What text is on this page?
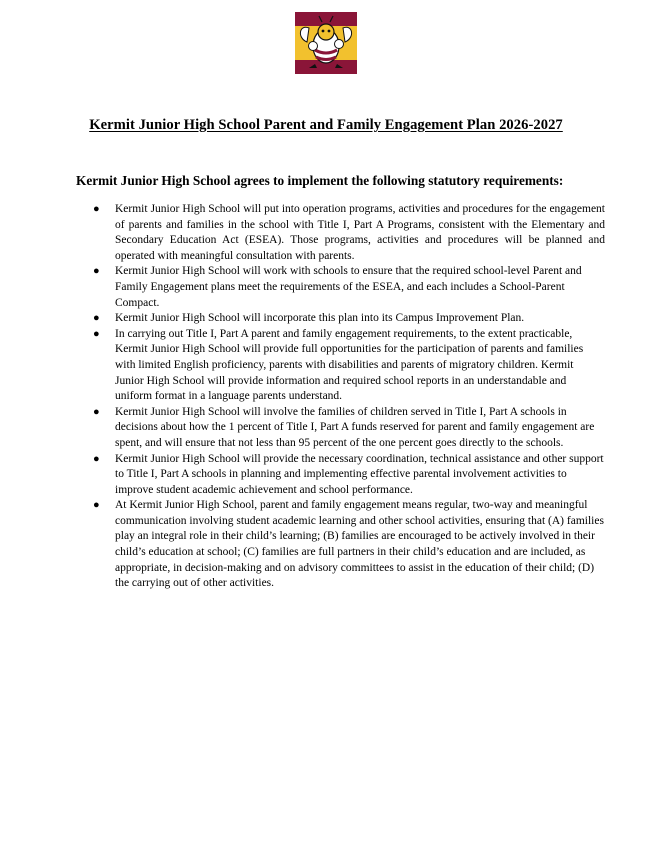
Kermit Junior High School Parent and Family Engagement Plan 2026-2027
Kermit Junior High School agrees to implement the following statutory requirements:
● Kermit Junior High School will put into operation programs, activities and procedures for the engagement of parents and families in the school with Title I, Part A Programs, consistent with the Elementary and Secondary Education Act (ESEA). Those programs, activities and procedures will be planned and operated with meaningful consultation with parents.
● Kermit Junior High School will work with schools to ensure that the required school-level Parent and Family Engagement plans meet the requirements of the ESEA, and each includes a School-Parent Compact.
● Kermit Junior High School will incorporate this plan into its Campus Improvement Plan.
● In carrying out Title I, Part A parent and family engagement requirements, to the extent practicable, Kermit Junior High School will provide full opportunities for the participation of parents and families with limited English proficiency, parents with disabilities and parents of migratory children. Kermit Junior High School will provide information and required school reports in an understandable and uniform format in a language parents understand.
● Kermit Junior High School will involve the families of children served in Title I, Part A schools in decisions about how the 1 percent of Title I, Part A funds reserved for parent and family engagement are spent, and will ensure that not less than 95 percent of the one percent goes directly to the schools.
● Kermit Junior High School will provide the necessary coordination, technical assistance and other support to Title I, Part A schools in planning and implementing effective parental involvement activities to improve student academic achievement and school performance.
● At Kermit Junior High School, parent and family engagement means regular, two-way and meaningful communication involving student academic learning and other school activities, ensuring that (A) families play an integral role in their child’s learning; (B) families are encouraged to be actively involved in their child’s education at school; (C) families are full partners in their child’s education and are included, as appropriate, in decision-making and on advisory committees to assist in the education of their child; (D) the carrying out of other activities.
